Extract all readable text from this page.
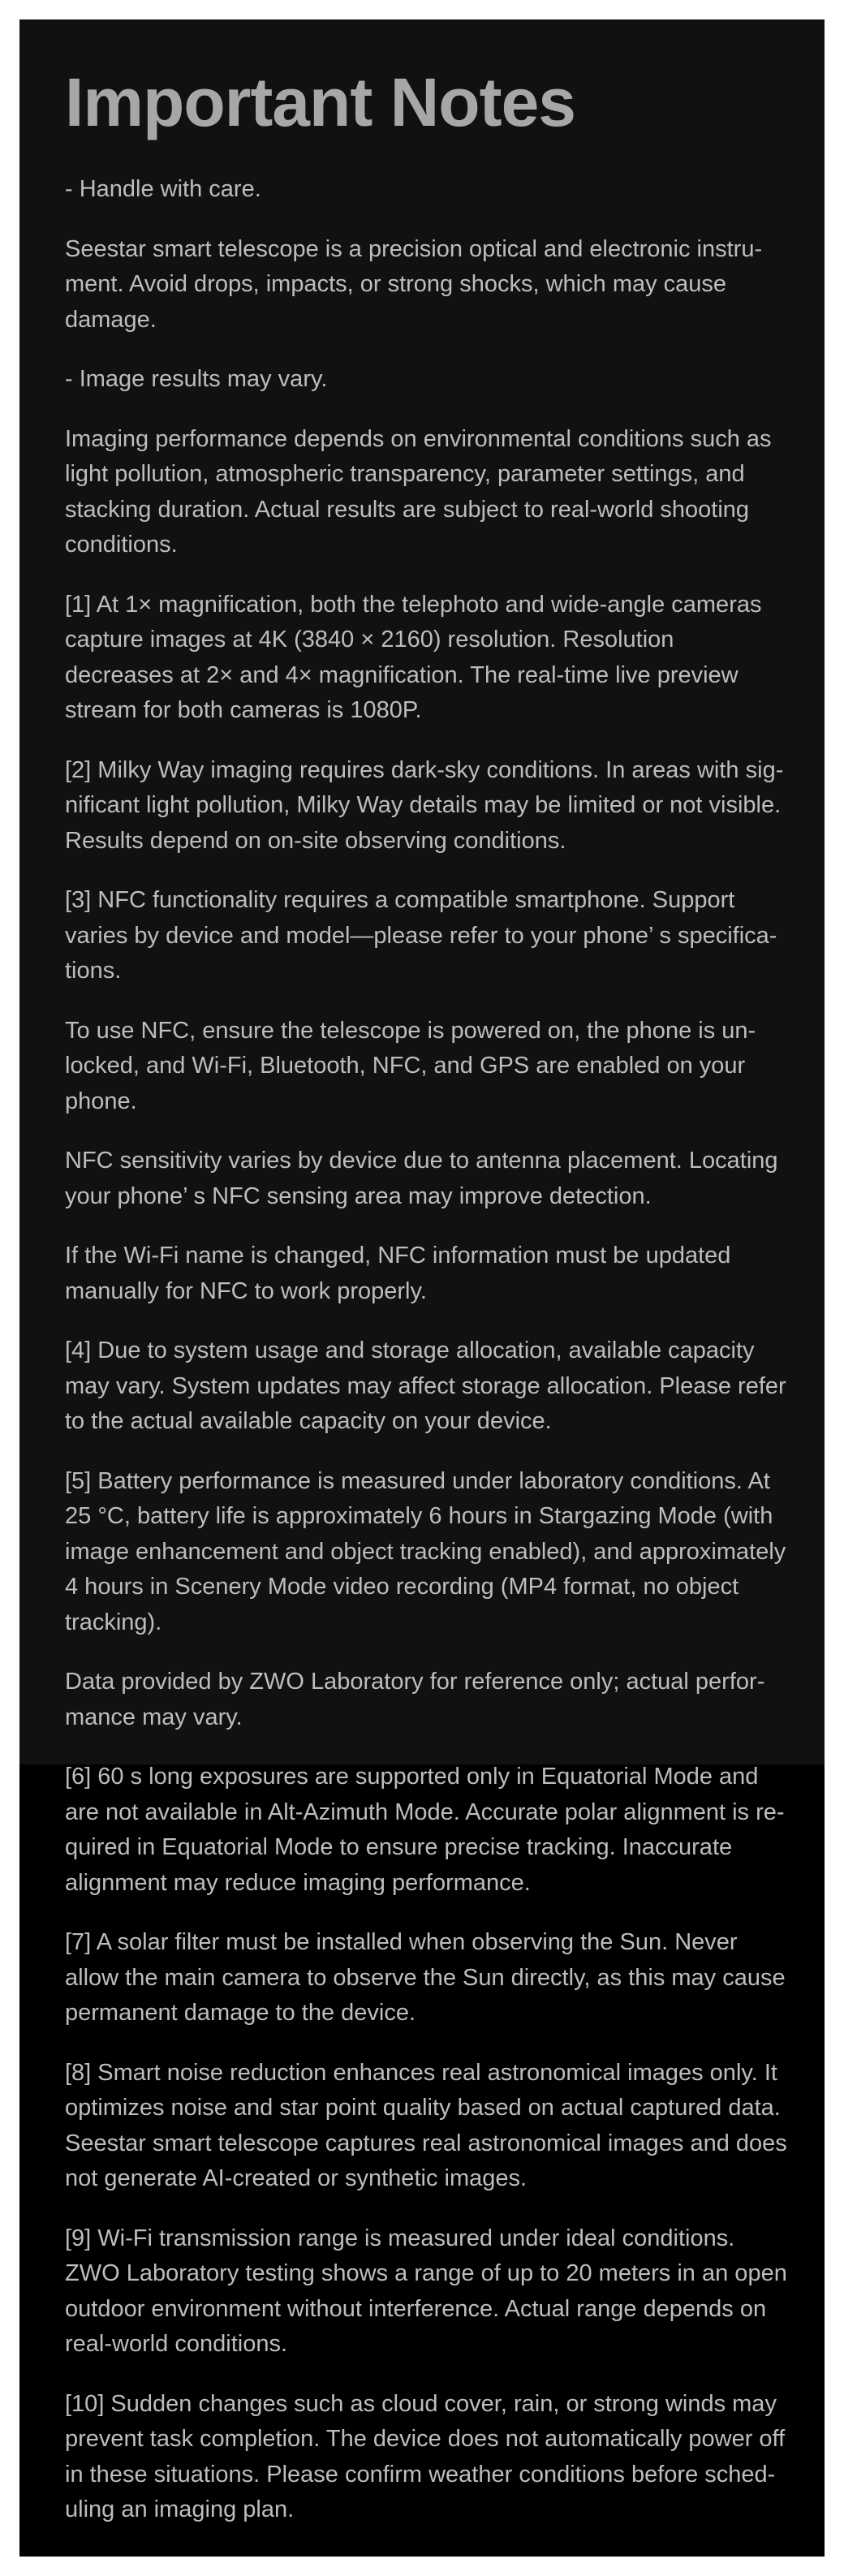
Important Notes

- Handle with care.

Seestar smart telescope is a precision optical and electronic instrument. Avoid drops, impacts, or strong shocks, which may cause damage.

- Image results may vary.

Imaging performance depends on environmental conditions such as light pollution, atmospheric transparency, parameter settings, and stacking duration. Actual results are subject to real-world shooting conditions.

[1] At 1× magnification, both the telephoto and wide-angle cameras capture images at 4K (3840 × 2160) resolution. Resolution decreases at 2× and 4× magnification. The real-time live preview stream for both cameras is 1080P.

[2] Milky Way imaging requires dark-sky conditions. In areas with significant light pollution, Milky Way details may be limited or not visible. Results depend on on-site observing conditions.

[3] NFC functionality requires a compatible smartphone. Support varies by device and model—please refer to your phone’ s specifications.

To use NFC, ensure the telescope is powered on, the phone is unlocked, and Wi-Fi, Bluetooth, NFC, and GPS are enabled on your phone.

NFC sensitivity varies by device due to antenna placement. Locating your phone’ s NFC sensing area may improve detection.

If the Wi-Fi name is changed, NFC information must be updated manually for NFC to work properly.

[4] Due to system usage and storage allocation, available capacity may vary. System updates may affect storage allocation. Please refer to the actual available capacity on your device.

[5] Battery performance is measured under laboratory conditions. At 25 °C, battery life is approximately 6 hours in Stargazing Mode (with image enhancement and object tracking enabled), and approximately 4 hours in Scenery Mode video recording (MP4 format, no object tracking).

Data provided by ZWO Laboratory for reference only; actual performance may vary.

[6] 60 s long exposures are supported only in Equatorial Mode and are not available in Alt-Azimuth Mode. Accurate polar alignment is required in Equatorial Mode to ensure precise tracking. Inaccurate alignment may reduce imaging performance.

[7] A solar filter must be installed when observing the Sun. Never allow the main camera to observe the Sun directly, as this may cause permanent damage to the device.

[8] Smart noise reduction enhances real astronomical images only. It optimizes noise and star point quality based on actual captured data. Seestar smart telescope captures real astronomical images and does not generate AI-created or synthetic images.

[9] Wi-Fi transmission range is measured under ideal conditions. ZWO Laboratory testing shows a range of up to 20 meters in an open outdoor environment without interference. Actual range depends on real-world conditions.

[10] Sudden changes such as cloud cover, rain, or strong winds may prevent task completion. The device does not automatically power off in these situations. Please confirm weather conditions before scheduling an imaging plan.
